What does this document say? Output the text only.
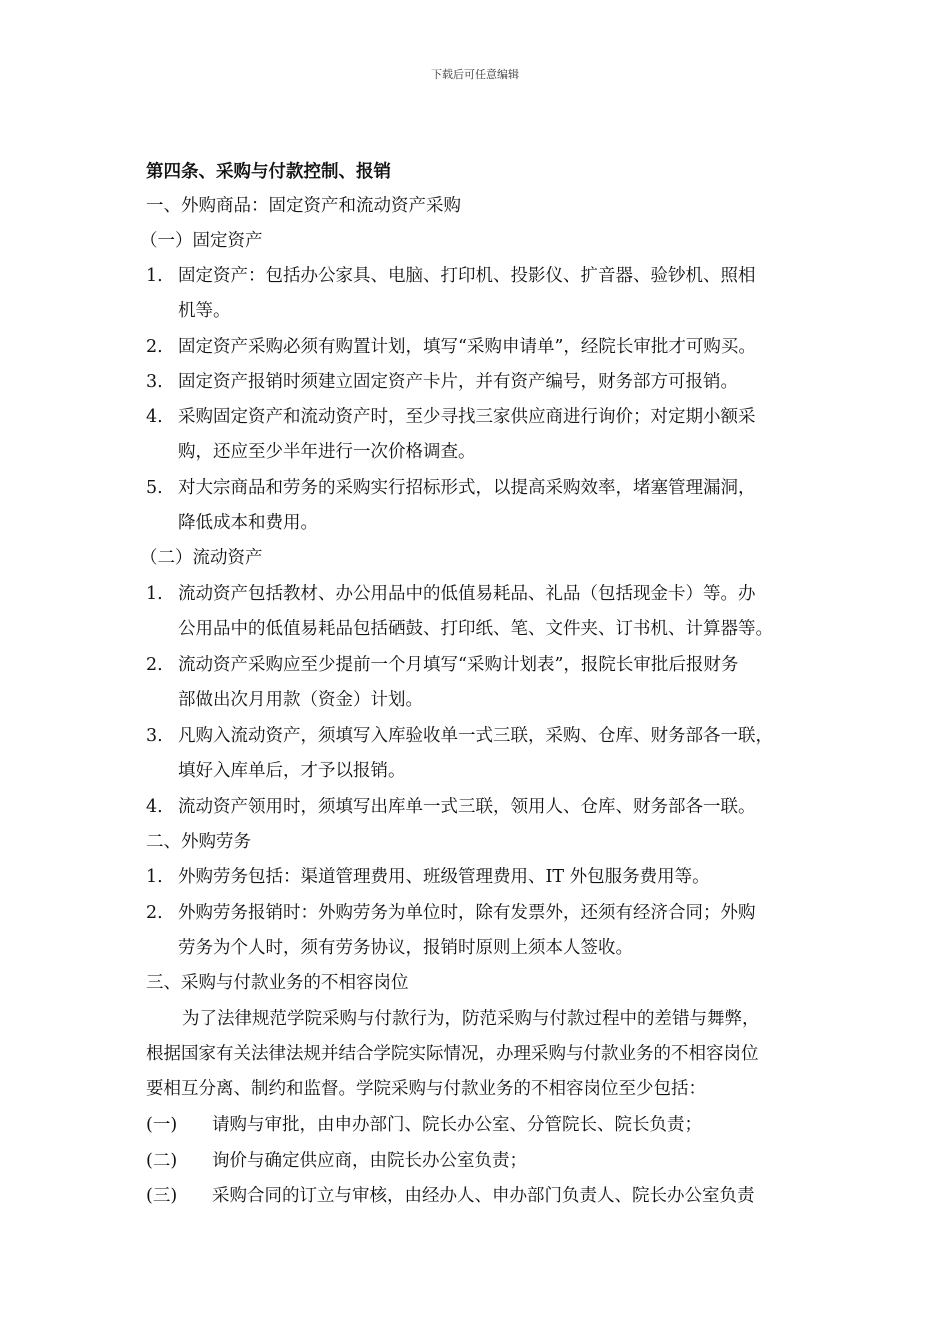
下载后可任意编辑
第四条、采购与付款控制、报销
一、外购商品：固定资产和流动资产采购
（一）固定资产
1. 固定资产：包括办公家具、电脑、打印机、投影仪、扩音器、验钞机、照相
机等。
2. 固定资产采购必须有购置计划，填写“采购申请单”，经院长审批才可购买。
3. 固定资产报销时须建立固定资产卡片，并有资产编号，财务部方可报销。
4. 采购固定资产和流动资产时，至少寻找三家供应商进行询价；对定期小额采
购，还应至少半年进行一次价格调查。
5. 对大宗商品和劳务的采购实行招标形式，以提高采购效率，堵塞管理漏洞，
降低成本和费用。
（二）流动资产
1. 流动资产包括教材、办公用品中的低值易耗品、礼品（包括现金卡）等。办
公用品中的低值易耗品包括硒鼓、打印纸、笔、文件夹、订书机、计算器等。
2. 流动资产采购应至少提前一个月填写“采购计划表”，报院长审批后报财务
部做出次月用款（资金）计划。
3. 凡购入流动资产，须填写入库验收单一式三联，采购、仓库、财务部各一联，
填好入库单后，才予以报销。
4. 流动资产领用时，须填写出库单一式三联，领用人、仓库、财务部各一联。
二、外购劳务
1. 外购劳务包括：渠道管理费用、班级管理费用、IT 外包服务费用等。
2. 外购劳务报销时：外购劳务为单位时，除有发票外，还须有经济合同；外购
劳务为个人时，须有劳务协议，报销时原则上须本人签收。
三、采购与付款业务的不相容岗位
为了法律规范学院采购与付款行为，防范采购与付款过程中的差错与舞弊，
根据国家有关法律法规并结合学院实际情况，办理采购与付款业务的不相容岗位
要相互分离、制约和监督。学院采购与付款业务的不相容岗位至少包括：
(一) 请购与审批，由申办部门、院长办公室、分管院长、院长负责；
(二) 询价与确定供应商，由院长办公室负责；
(三) 采购合同的订立与审核，由经办人、申办部门负责人、院长办公室负责
